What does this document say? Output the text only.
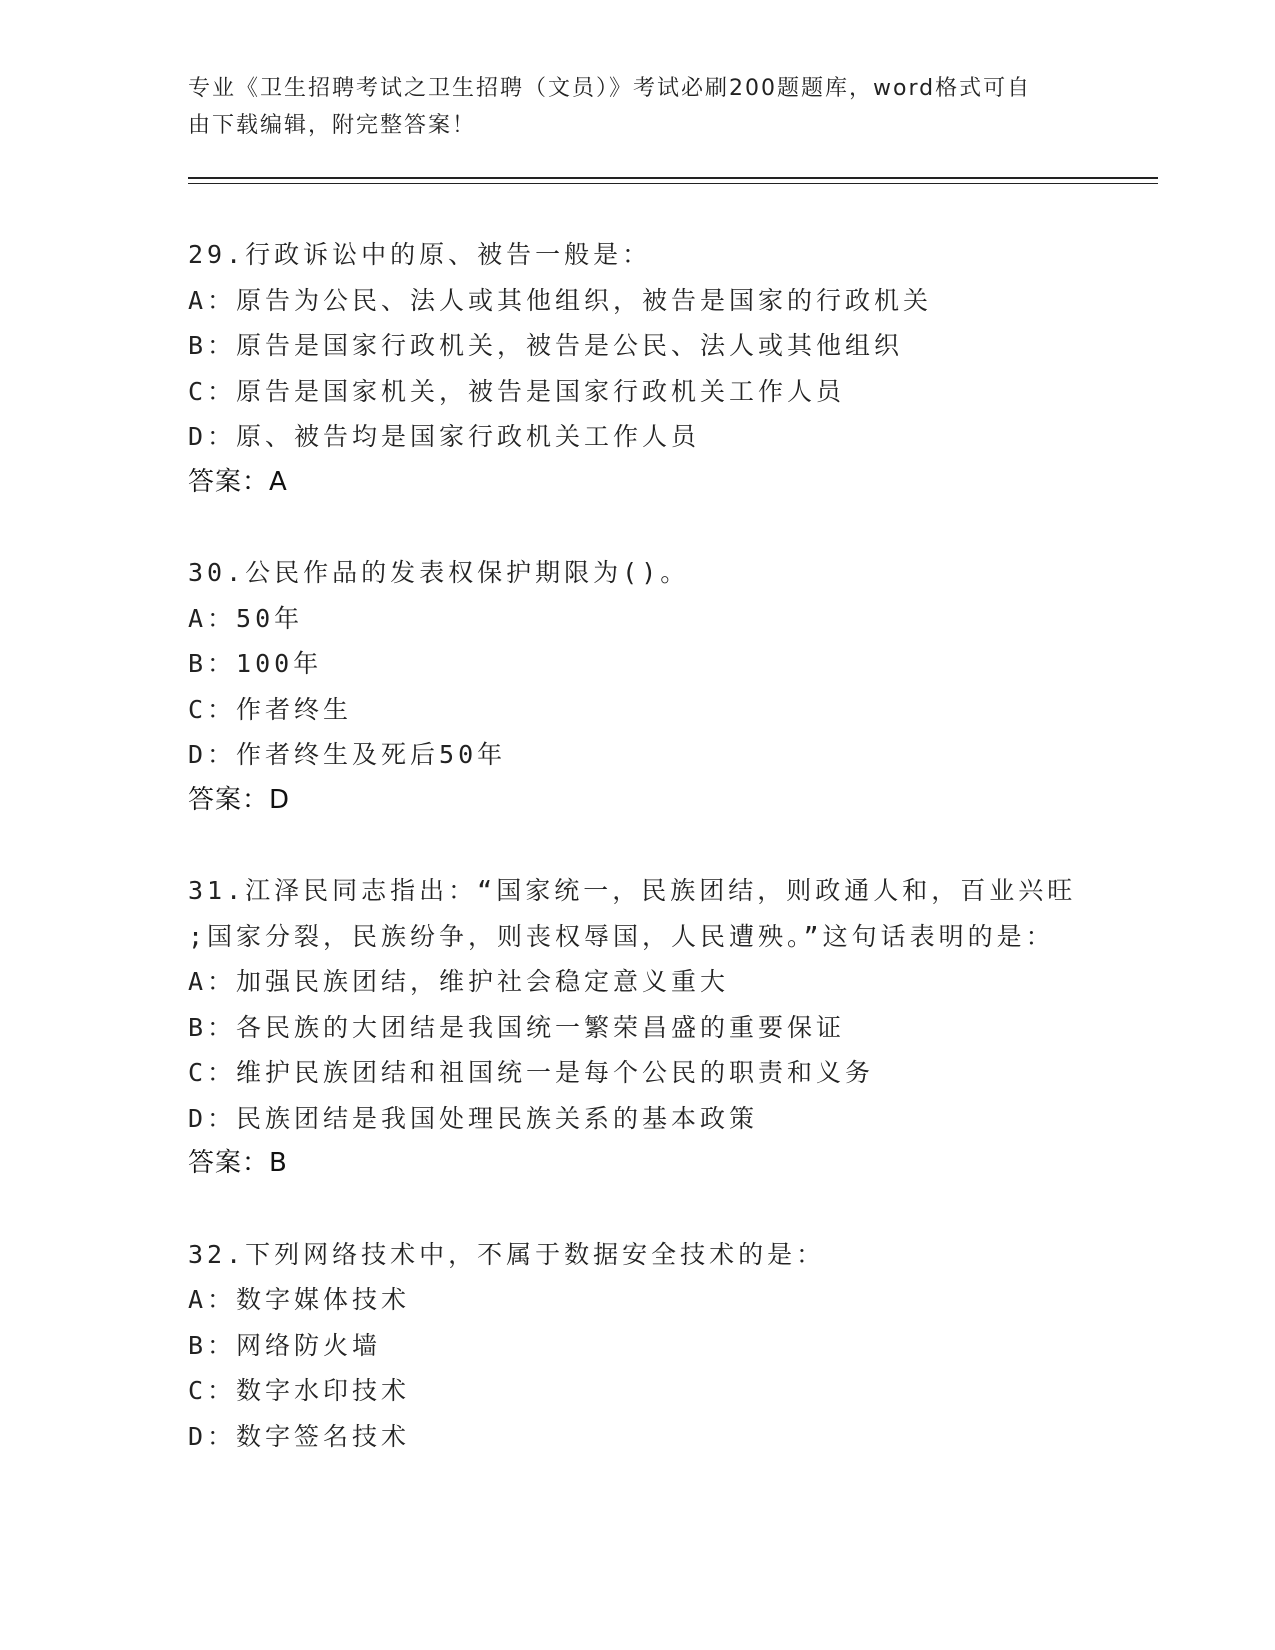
专业《卫生招聘考试之卫生招聘（文员）》考试必刷200题题库，word格式可自
由下载编辑，附完整答案！
29.行政诉讼中的原、被告一般是：
A：原告为公民、法人或其他组织，被告是国家的行政机关
B：原告是国家行政机关，被告是公民、法人或其他组织
C：原告是国家机关，被告是国家行政机关工作人员
D：原、被告均是国家行政机关工作人员
答案：A
30.公民作品的发表权保护期限为()。
A：50年
B：100年
C：作者终生
D：作者终生及死后50年
答案：D
31.江泽民同志指出：“国家统一，民族团结，则政通人和，百业兴旺
;国家分裂，民族纷争，则丧权辱国，人民遭殃。”这句话表明的是：
A：加强民族团结，维护社会稳定意义重大
B：各民族的大团结是我国统一繁荣昌盛的重要保证
C：维护民族团结和祖国统一是每个公民的职责和义务
D：民族团结是我国处理民族关系的基本政策
答案：B
32.下列网络技术中，不属于数据安全技术的是：
A：数字媒体技术
B：网络防火墙
C：数字水印技术
D：数字签名技术
